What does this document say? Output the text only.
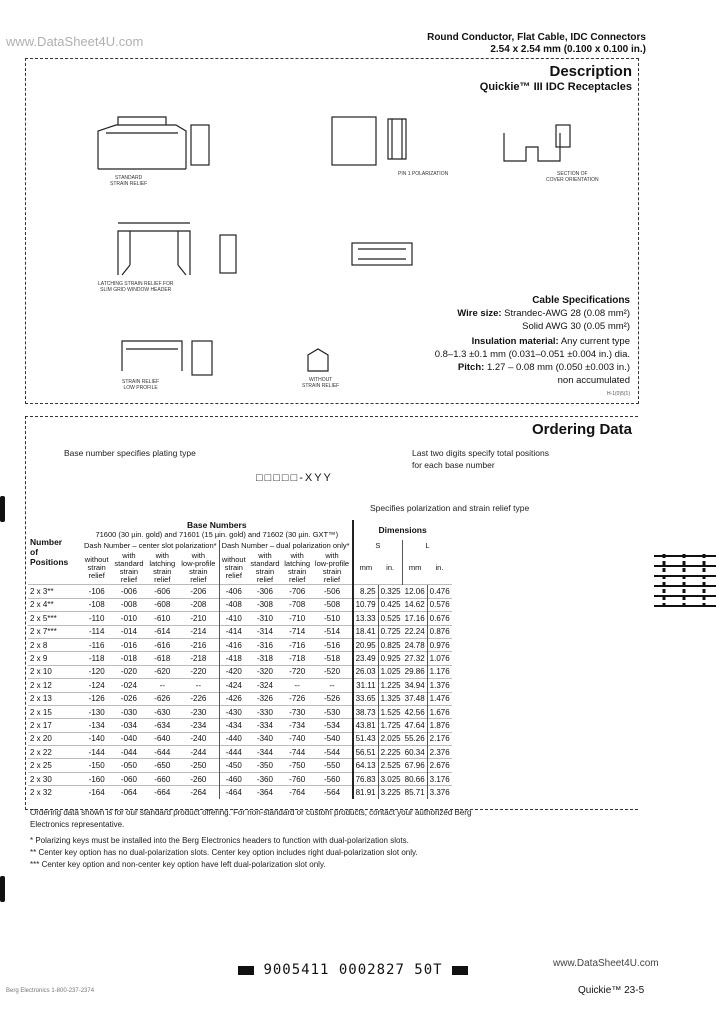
www.DataSheet4U.com	Round Conductor, Flat Cable, IDC Connectors
2.54 x 2.54 mm (0.100 x 0.100 in.)
Description
Quickie™ III IDC Receptacles
STANDARD
STRAIN RELIEF
LATCHING STRAIN RELIEF FOR
SLIM GRID WINDOW HEADER
STRAIN RELIEF
LOW PROFILE
WITHOUT
STRAIN RELIEF
PIN 1 POLARIZATION	SECTION OF
COVER ORIENTATION
Cable Specifications
Wire size: Strandec-AWG 28 (0.08 mm²)
Solid AWG 30 (0.05 mm²)
Insulation material: Any current type
0.8–1.3 ±0.1 mm (0.031–0.051 ±0.004 in.) dia.
Pitch: 1.27 – 0.08 mm (0.050 ±0.003 in.)
non accumulated
H-1(0)5(1)
Ordering Data
Base number specifies plating type	Last two digits specify total positions
for each base number
□□□□□-XYY
Specifies polarization and strain relief type
Number
of
Positions	Base Numbers								Dimensions			
	71600 (30 µin. gold) and 71601 (15 µin. gold) and 71602 (30 µin. GXT™)											
	Dash Number – center slot polarization*				Dash Number – dual polarization only*				S		L	
	without
strain
relief	with
standard
strain
relief	with
latching
strain
relief	with
low-profile
strain
relief	without
strain
relief	with
standard
strain
relief	with
latching
strain
relief	with
low-profile
strain
relief	mm	in.	mm	in.
2 x 3**	-106	-006	-606	-206	-406	-306	-706	-506	8.25	0.325	12.06	0.476
2 x 4**	-108	-008	-608	-208	-408	-308	-708	-508	10.79	0.425	14.62	0.576
2 x 5***	-110	-010	-610	-210	-410	-310	-710	-510	13.33	0.525	17.16	0.676
2 x 7***	-114	-014	-614	-214	-414	-314	-714	-514	18.41	0.725	22.24	0.876
2 x 8	-116	-016	-616	-216	-416	-316	-716	-516	20.95	0.825	24.78	0.976
2 x 9	-118	-018	-618	-218	-418	-318	-718	-518	23.49	0.925	27.32	1.076
2 x 10	-120	-020	-620	-220	-420	-320	-720	-520	26.03	1.025	29.86	1.176
2 x 12	-124	-024	--	--	-424	-324	--	--	31.11	1.225	34.94	1.376
2 x 13	-126	-026	-626	-226	-426	-326	-726	-526	33.65	1.325	37.48	1.476
2 x 15	-130	-030	-630	-230	-430	-330	-730	-530	38.73	1.525	42.56	1.676
2 x 17	-134	-034	-634	-234	-434	-334	-734	-534	43.81	1.725	47.64	1.876
2 x 20	-140	-040	-640	-240	-440	-340	-740	-540	51.43	2.025	55.26	2.176
2 x 22	-144	-044	-644	-244	-444	-344	-744	-544	56.51	2.225	60.34	2.376
2 x 25	-150	-050	-650	-250	-450	-350	-750	-550	64.13	2.525	67.96	2.676
2 x 30	-160	-060	-660	-260	-460	-360	-760	-560	76.83	3.025	80.66	3.176
2 x 32	-164	-064	-664	-264	-464	-364	-764	-564	81.91	3.225	85.71	3.376
Ordering data shown is for our standard product offering. For non-standard or custom products, contact your authorized Berg
Electronics representative.
* Polarizing keys must be installed into the Berg Electronics headers to function with dual-polarization slots.
** Center key option has no dual-polarization slots. Center key option includes right dual-polarization slot only.
*** Center key option and non-center key option have left dual-polarization slot only.
9005411 0002827 50T	www.DataSheet4U.com
Berg Electronics 1-800-237-2374	Quickie™ 23-5
